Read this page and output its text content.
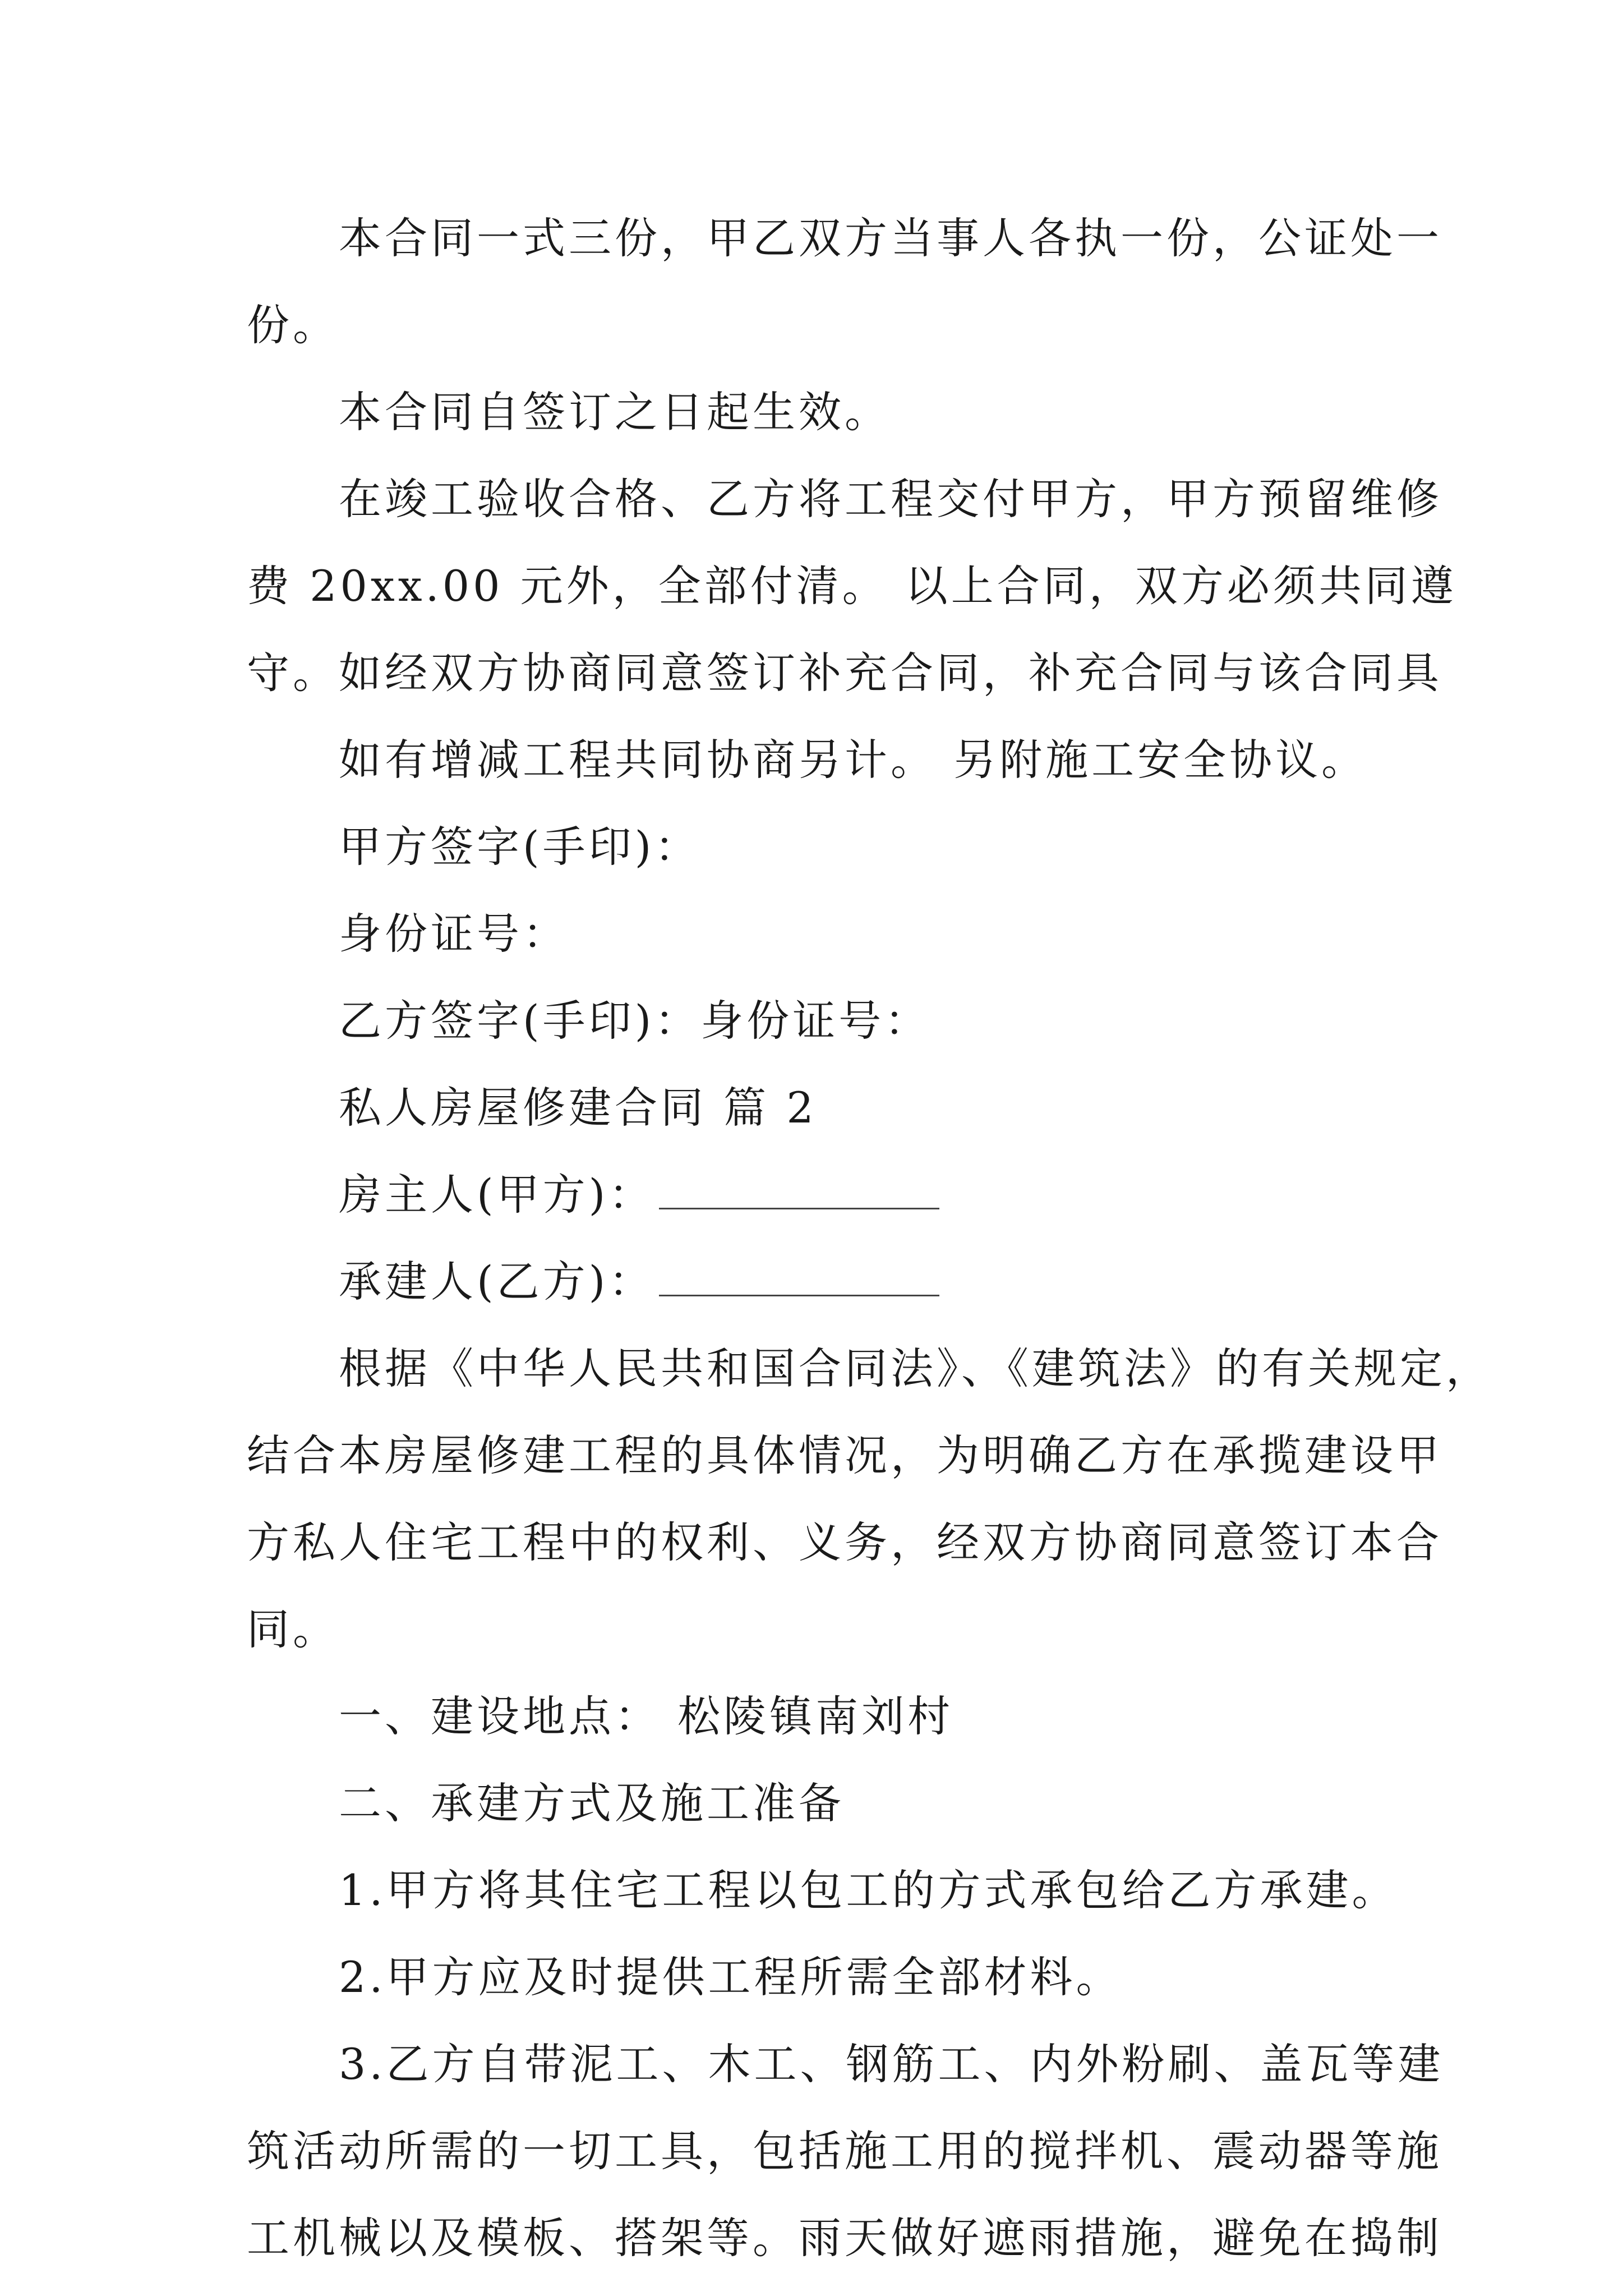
本合同一式三份，甲乙双方当事人各执一份，公证处一
份。
本合同自签订之日起生效。
在竣工验收合格、乙方将工程交付甲方，甲方预留维修
费 20xx.00 元外，全部付清。 以上合同，双方必须共同遵
守。如经双方协商同意签订补充合同，补充合同与该合同具
如有增减工程共同协商另计。 另附施工安全协议。
甲方签字(手印)：
身份证号：
乙方签字(手印)：身份证号：
私人房屋修建合同 篇 2
房主人(甲方)：
承建人(乙方)：
根据《中华人民共和国合同法》、《建筑法》的有关规定，
结合本房屋修建工程的具体情况，为明确乙方在承揽建设甲
方私人住宅工程中的权利、义务，经双方协商同意签订本合
同。
一、建设地点： 松陵镇南刘村
二、承建方式及施工准备
1.甲方将其住宅工程以包工的方式承包给乙方承建。
2.甲方应及时提供工程所需全部材料。
3.乙方自带泥工、木工、钢筋工、内外粉刷、盖瓦等建
筑活动所需的一切工具，包括施工用的搅拌机、震动器等施
工机械以及模板、搭架等。雨天做好遮雨措施，避免在捣制
